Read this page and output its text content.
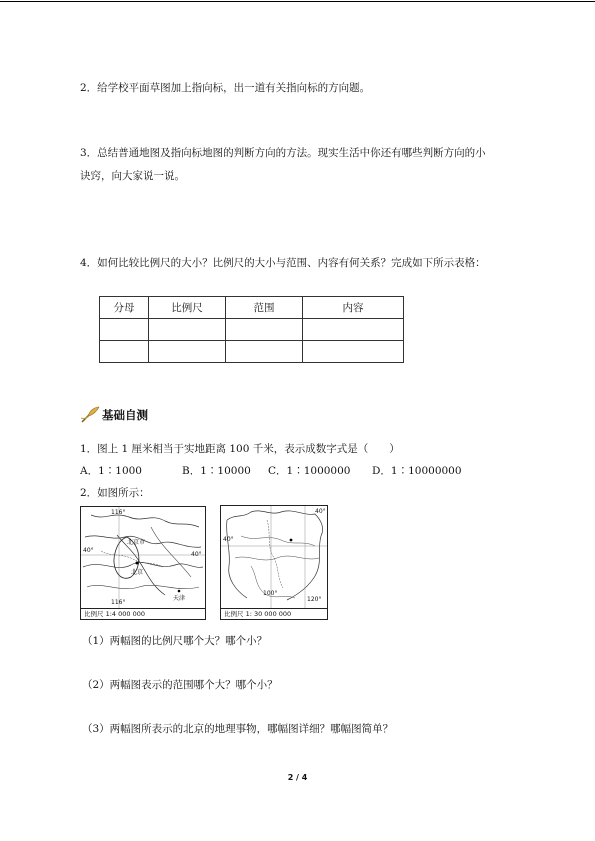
2．给学校平面草图加上指向标，出一道有关指向标的方向题。
3．总结普通地图及指向标地图的判断方向的方法。现实生活中你还有哪些判断方向的小
诀窍，向大家说一说。
4．如何比较比例尺的大小？比例尺的大小与范围、内容有何关系？完成如下所示表格：
分母	比例尺	范围	内容

基础自测
1．图上 1 厘米相当于实地距离 100 千米，表示成数字式是（　　）
A．1∶1000	B．1∶10000 C．1∶1000000 D．1∶10000000
2．如图所示：
116°
北京市
北京
40°
40°
116°
天津
比例尺 1:4 000 000
40°
100°
120°
40°
比例尺 1: 30 000 000
（1）两幅图的比例尺哪个大？哪个小？
（2）两幅图表示的范围哪个大？哪个小？
（3）两幅图所表示的北京的地理事物，哪幅图详细？哪幅图简单？
2 / 4
